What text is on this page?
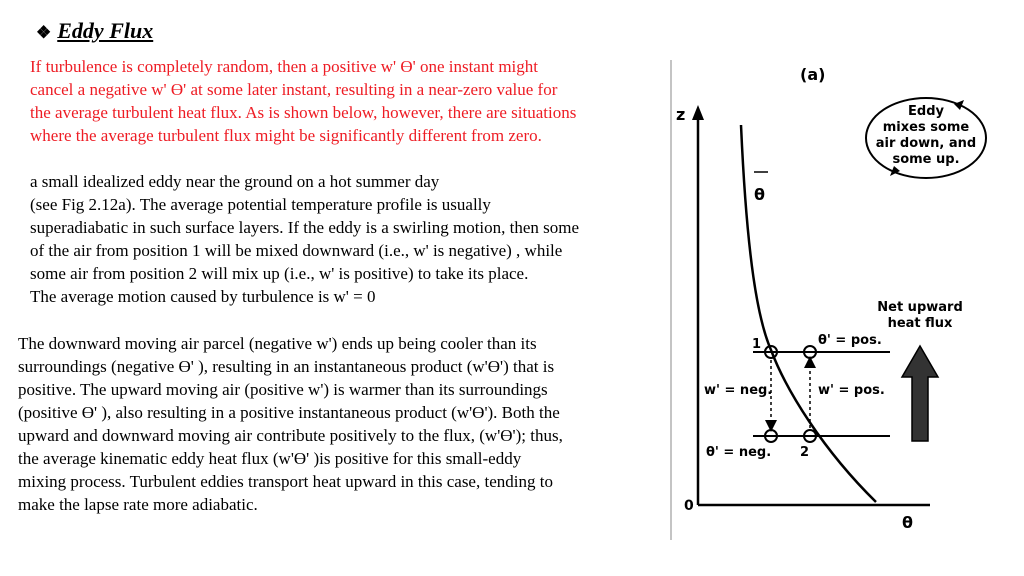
❖ Eddy Flux

If turbulence is completely random, then a positive w' ϴ' one instant might
cancel a negative w' ϴ' at some later instant, resulting in a near-zero value for
the average turbulent heat flux. As is shown below, however, there are situations
where the average turbulent flux might be significantly different from zero.

a small idealized eddy near the ground on a hot summer day
(see Fig 2.12a). The average potential temperature profile is usually
superadiabatic in such surface layers. If the eddy is a swirling motion, then some
of the air from position 1 will be mixed downward (i.e., w' is negative) , while
some air from position 2 will mix up (i.e., w' is positive) to take its place.
The average motion caused by turbulence is w' = 0

The downward moving air parcel (negative w') ends up being cooler than its
surroundings (negative ϴ' ), resulting in an instantaneous product (w'ϴ') that is
positive. The upward moving air (positive w') is warmer than its surroundings
(positive ϴ' ), also resulting in a positive instantaneous product (w'ϴ'). Both the
upward and downward moving air contribute positively to the flux, (w'ϴ'); thus,
the average kinematic eddy heat flux (w'ϴ' )is positive for this small-eddy
mixing process. Turbulent eddies transport heat upward in this case, tending to
make the lapse rate more adiabatic.

z
0
θ
(a)
θ
1
2
θ' = pos.
θ' = neg.
w' = neg.	w' = pos.
Eddy
mixes some
air down, and
some up.
Net upward
heat flux
